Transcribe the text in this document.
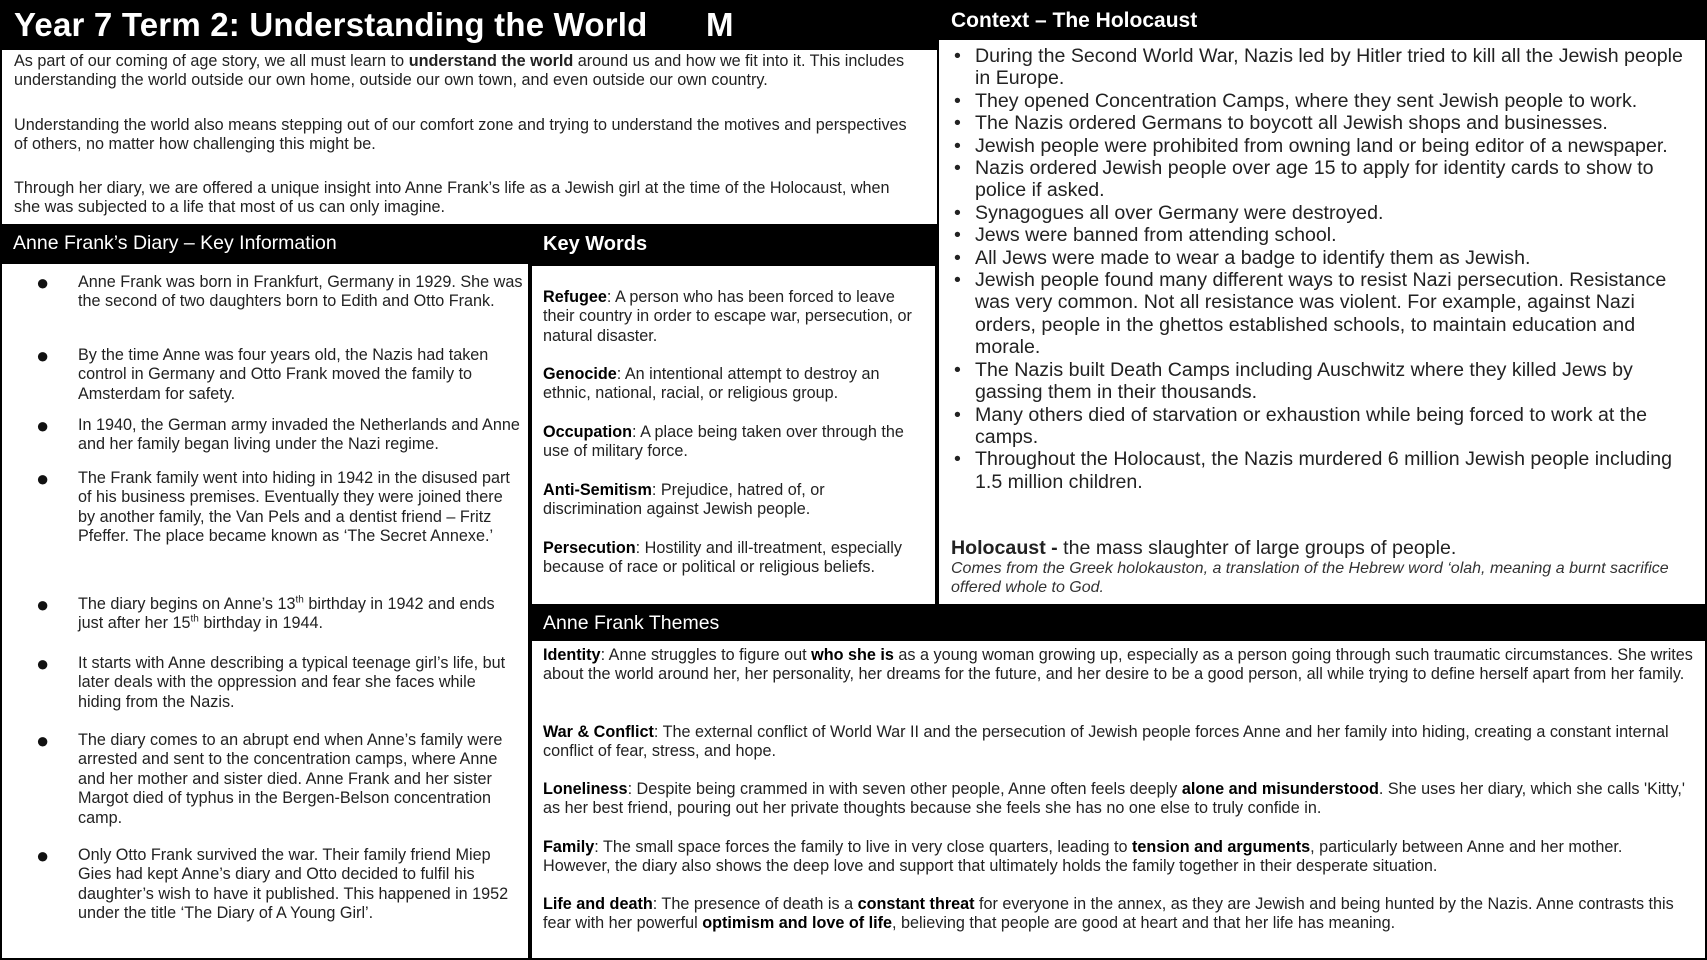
Year 7 Term 2: Understanding the World M

As part of our coming of age story, we all must learn to understand the world around us and how we fit into it. This includes understanding the world outside our own home, outside our own town, and even outside our own country.

Understanding the world also means stepping out of our comfort zone and trying to understand the motives and perspectives of others, no matter how challenging this might be.

Through her diary, we are offered a unique insight into Anne Frank’s life as a Jewish girl at the time of the Holocaust, when she was subjected to a life that most of us can only imagine.

Context – The Holocaust
• During the Second World War, Nazis led by Hitler tried to kill all the Jewish people in Europe.
• They opened Concentration Camps, where they sent Jewish people to work.
• The Nazis ordered Germans to boycott all Jewish shops and businesses.
• Jewish people were prohibited from owning land or being editor of a newspaper.
• Nazis ordered Jewish people over age 15 to apply for identity cards to show to police if asked.
• Synagogues all over Germany were destroyed.
• Jews were banned from attending school.
• All Jews were made to wear a badge to identify them as Jewish.
• Jewish people found many different ways to resist Nazi persecution. Resistance was very common. Not all resistance was violent. For example, against Nazi orders, people in the ghettos established schools, to maintain education and morale.
• The Nazis built Death Camps including Auschwitz where they killed Jews by gassing them in their thousands.
• Many others died of starvation or exhaustion while being forced to work at the camps.
• Throughout the Holocaust, the Nazis murdered 6 million Jewish people including 1.5 million children.
Holocaust - the mass slaughter of large groups of people.
Comes from the Greek holokauston, a translation of the Hebrew word ‘olah, meaning a burnt sacrifice offered whole to God.
Anne Frank’s Diary – Key Information
● Anne Frank was born in Frankfurt, Germany in 1929. She was the second of two daughters born to Edith and Otto Frank.

● By the time Anne was four years old, the Nazis had taken control in Germany and Otto Frank moved the family to Amsterdam for safety.

● In 1940, the German army invaded the Netherlands and Anne and her family began living under the Nazi regime.

● The Frank family went into hiding in 1942 in the disused part of his business premises. Eventually they were joined there by another family, the Van Pels and a dentist friend – Fritz Pfeffer. The place became known as ‘The Secret Annexe.’

● The diary begins on Anne’s 13th birthday in 1942 and ends just after her 15th birthday in 1944.

● It starts with Anne describing a typical teenage girl’s life, but later deals with the oppression and fear she faces while hiding from the Nazis.

● The diary comes to an abrupt end when Anne’s family were arrested and sent to the concentration camps, where Anne and her mother and sister died. Anne Frank and her sister Margot died of typhus in the Bergen-Belson concentration camp.

● Only Otto Frank survived the war. Their family friend Miep Gies had kept Anne’s diary and Otto decided to fulfil his daughter’s wish to have it published. This happened in 1952 under the title ‘The Diary of A Young Girl’.

Key Words

Refugee: A person who has been forced to leave their country in order to escape war, persecution, or natural disaster.

Genocide: An intentional attempt to destroy an ethnic, national, racial, or religious group.

Occupation: A place being taken over through the use of military force.

Anti-Semitism: Prejudice, hatred of, or discrimination against Jewish people.

Persecution: Hostility and ill-treatment, especially because of race or political or religious beliefs.

Anne Frank Themes

Identity: Anne struggles to figure out who she is as a young woman growing up, especially as a person going through such traumatic circumstances. She writes about the world around her, her personality, her dreams for the future, and her desire to be a good person, all while trying to define herself apart from her family.

War & Conflict: The external conflict of World War II and the persecution of Jewish people forces Anne and her family into hiding, creating a constant internal conflict of fear, stress, and hope.

Loneliness: Despite being crammed in with seven other people, Anne often feels deeply alone and misunderstood. She uses her diary, which she calls 'Kitty,' as her best friend, pouring out her private thoughts because she feels she has no one else to truly confide in.

Family: The small space forces the family to live in very close quarters, leading to tension and arguments, particularly between Anne and her mother. However, the diary also shows the deep love and support that ultimately holds the family together in their desperate situation.

Life and death: The presence of death is a constant threat for everyone in the annex, as they are Jewish and being hunted by the Nazis. Anne contrasts this fear with her powerful optimism and love of life, believing that people are good at heart and that her life has meaning.
